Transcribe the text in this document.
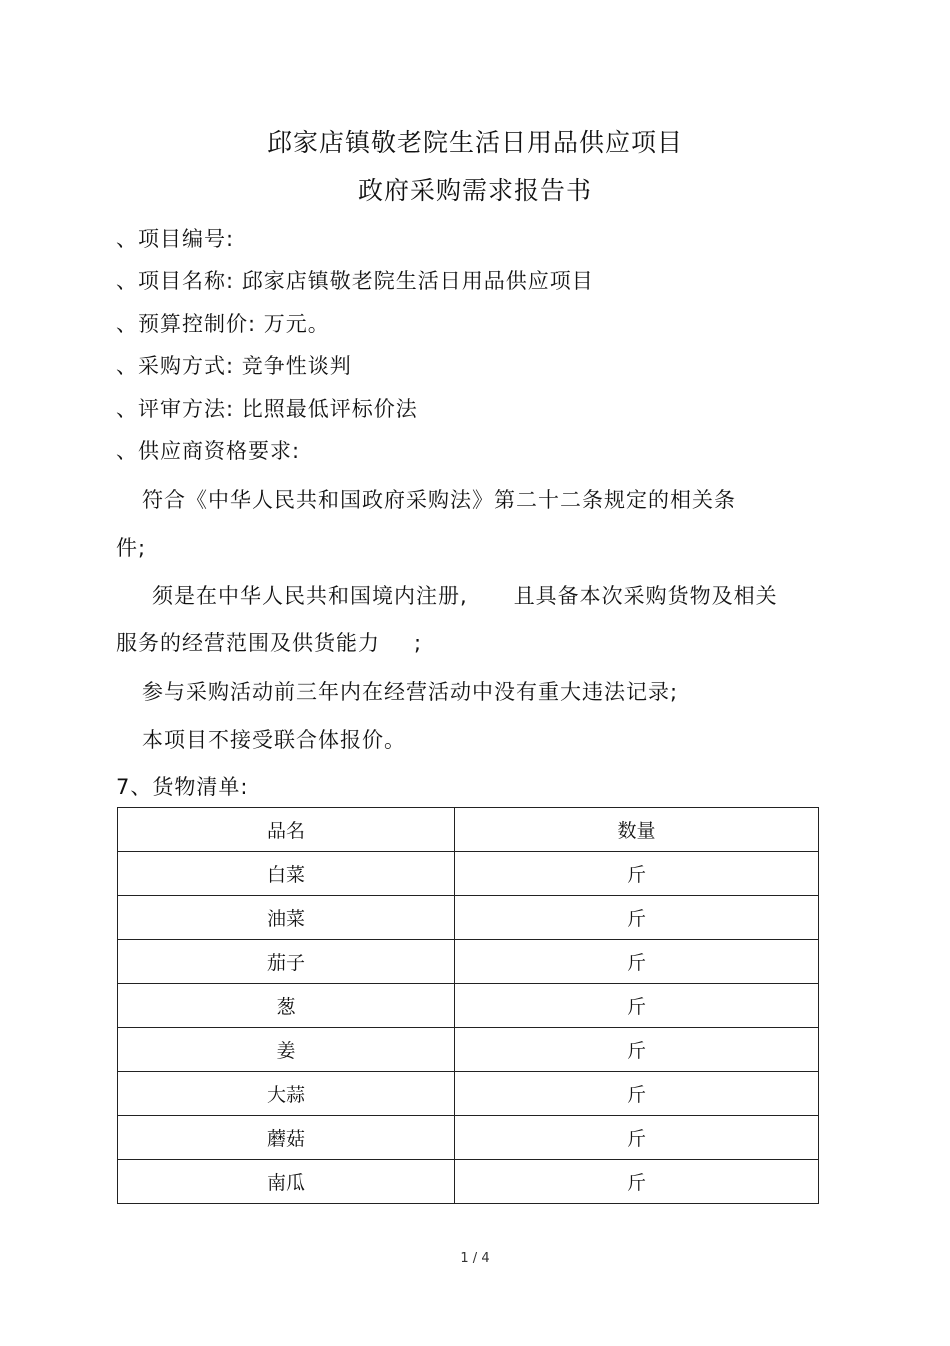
邱家店镇敬老院生活日用品供应项目
政府采购需求报告书
、项目编号:
、项目名称: 邱家店镇敬老院生活日用品供应项目
、预算控制价: 万元。
、采购方式: 竞争性谈判
、评审方法: 比照最低评标价法
、供应商资格要求:
符合《中华人民共和国政府采购法》第二十二条规定的相关条
件;
须是在中华人民共和国境内注册, 且具备本次采购货物及相关
服务的经营范围及供货能力 ;
参与采购活动前三年内在经营活动中没有重大违法记录;
本项目不接受联合体报价。
7、货物清单:
品名	数量
白菜	斤
油菜	斤
茄子	斤
葱	斤
姜	斤
大蒜	斤
蘑菇	斤
南瓜	斤
1 / 4
